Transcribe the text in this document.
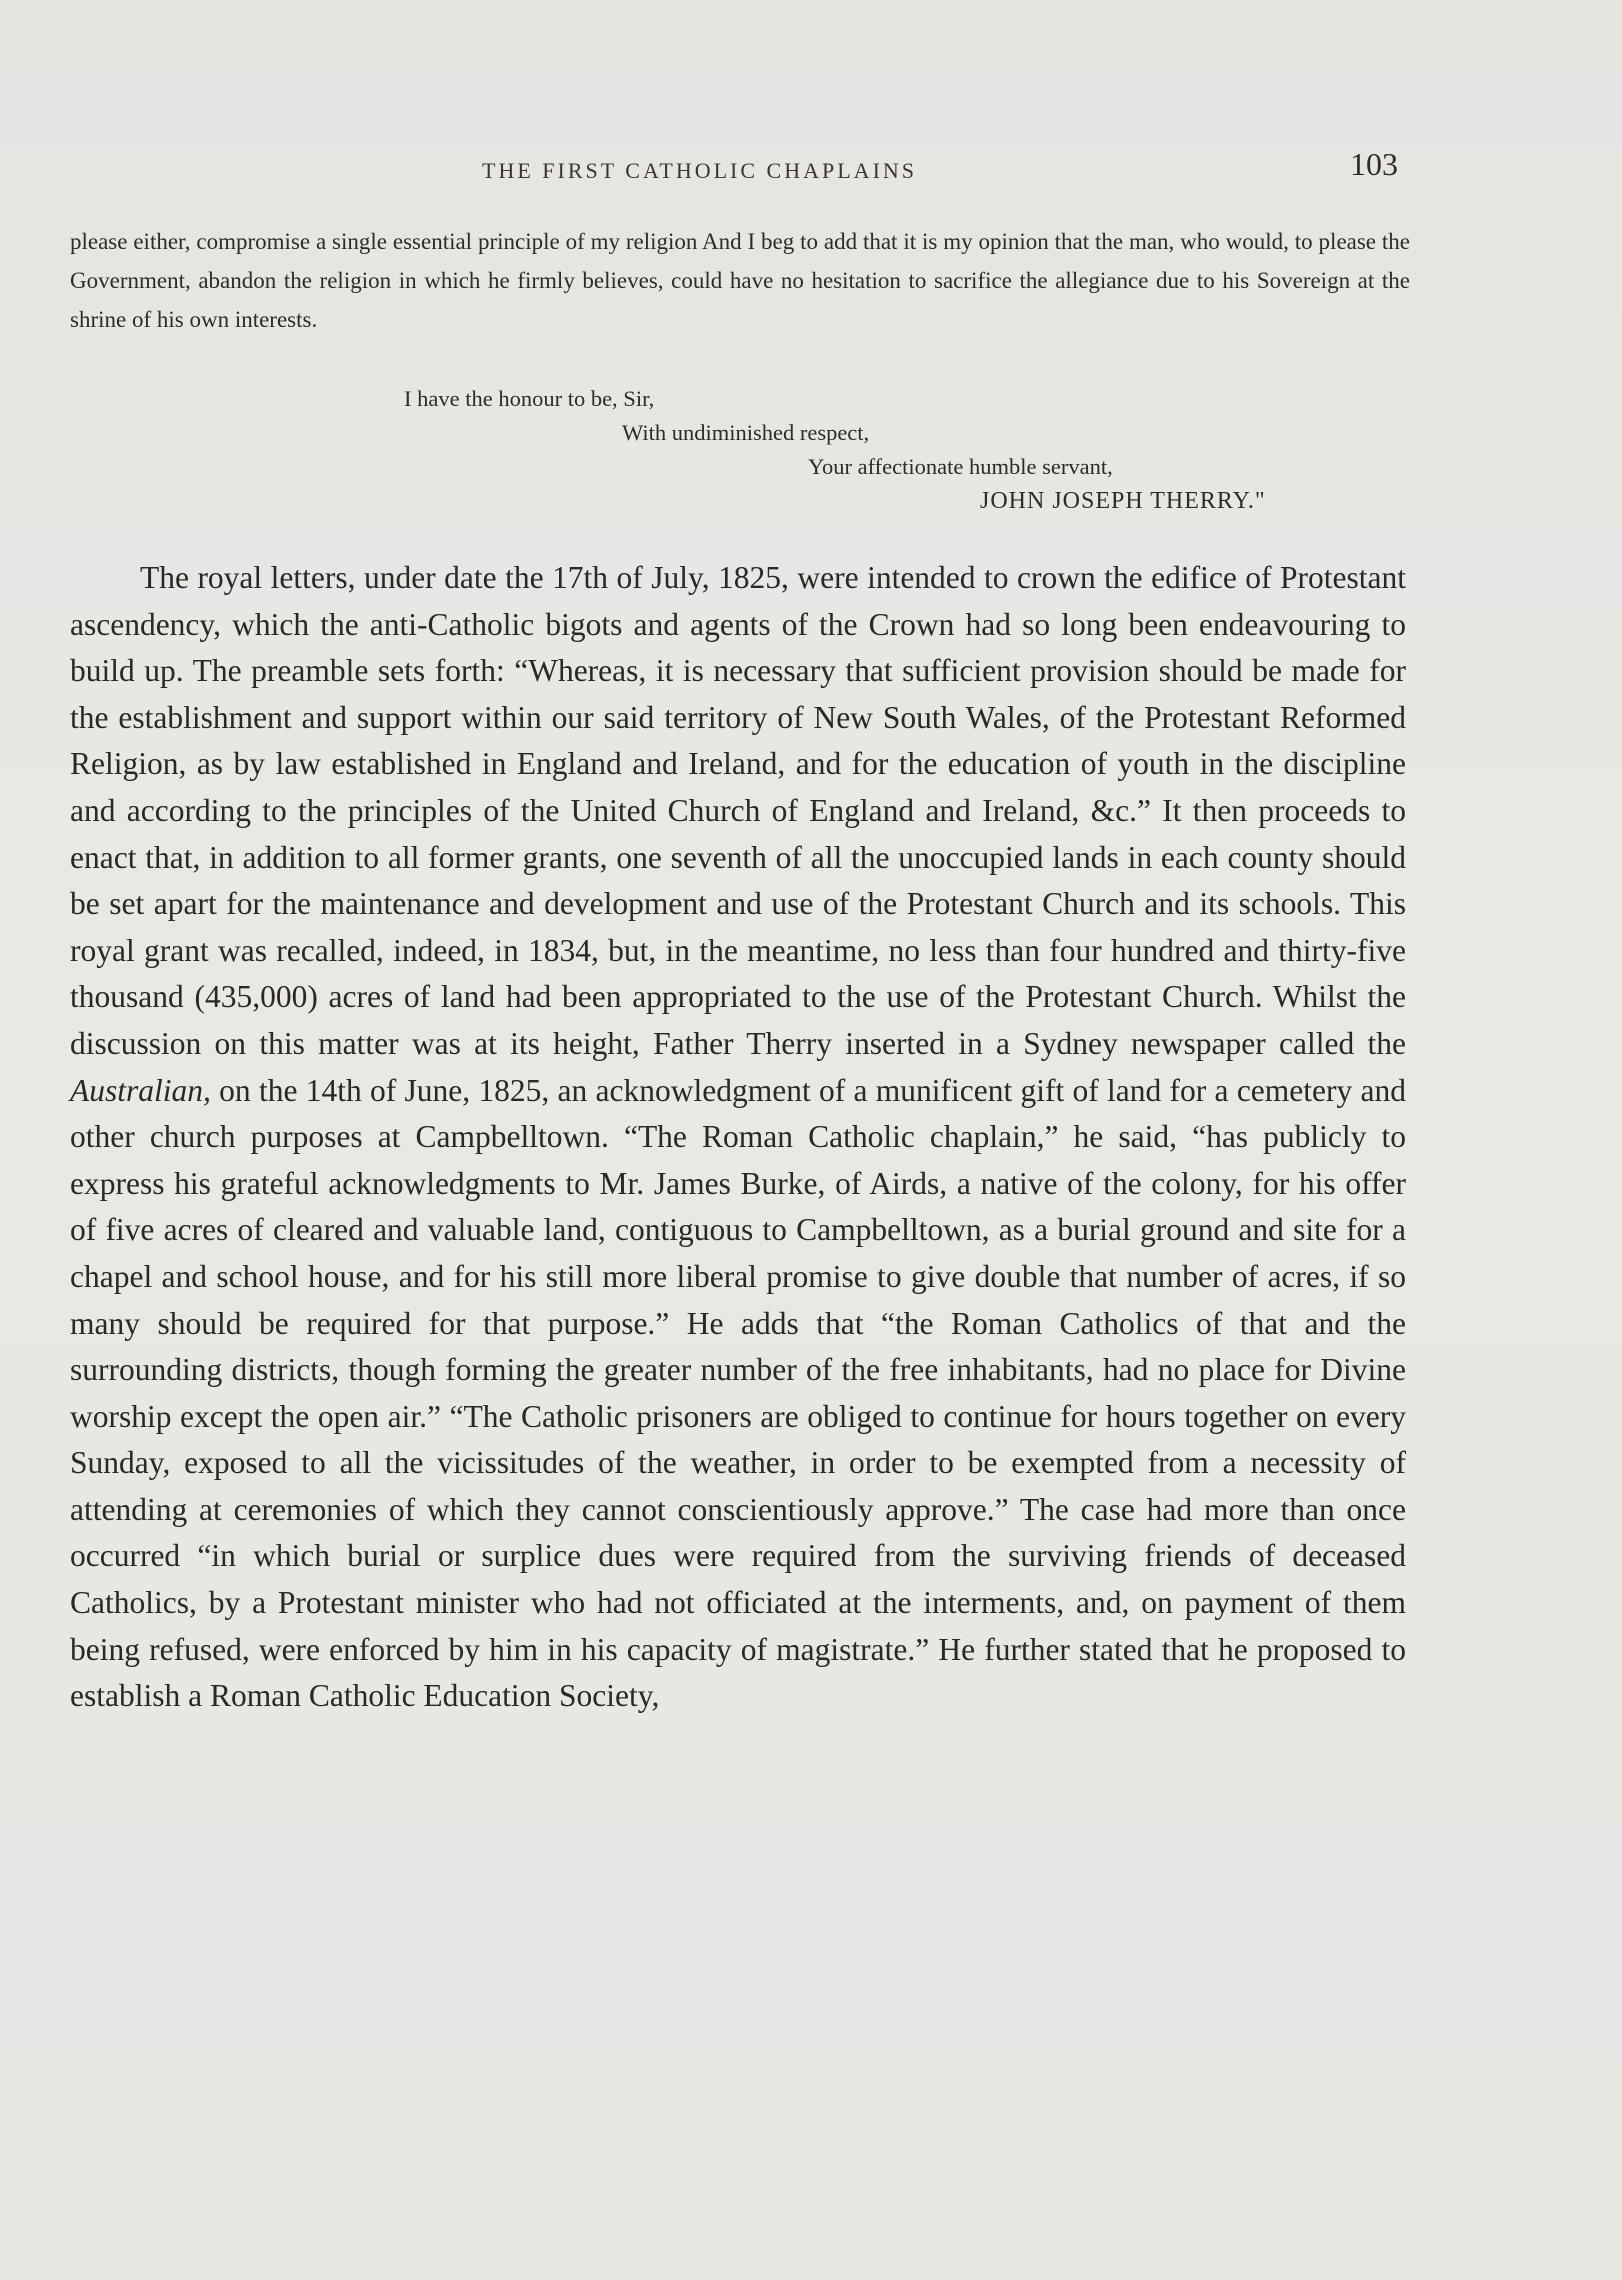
THE FIRST CATHOLIC CHAPLAINS	103
please either, compromise a single essential principle of my religion And I beg to add that it is my opinion that the man, who would, to please the Government, abandon the religion in which he firmly believes, could have no hesitation to sacrifice the allegiance due to his Sovereign at the shrine of his own interests.
I have the honour to be, Sir,
With undiminished respect,
Your affectionate humble servant,
JOHN JOSEPH THERRY."
The royal letters, under date the 17th of July, 1825, were intended to crown the edifice of Protestant ascendency, which the anti-Catholic bigots and agents of the Crown had so long been endeavouring to build up. The preamble sets forth: “Whereas, it is necessary that sufficient provision should be made for the establishment and support within our said territory of New South Wales, of the Protestant Reformed Religion, as by law established in England and Ireland, and for the education of youth in the discipline and according to the principles of the United Church of England and Ireland, &c.” It then proceeds to enact that, in addition to all former grants, one seventh of all the unoccupied lands in each county should be set apart for the maintenance and development and use of the Protestant Church and its schools. This royal grant was recalled, indeed, in 1834, but, in the meantime, no less than four hundred and thirty-five thousand (435,000) acres of land had been appropriated to the use of the Protestant Church. Whilst the discussion on this matter was at its height, Father Therry inserted in a Sydney newspaper called the Australian, on the 14th of June, 1825, an acknowledgment of a munificent gift of land for a cemetery and other church purposes at Campbelltown. “The Roman Catholic chaplain,” he said, “has publicly to express his grateful acknowledgments to Mr. James Burke, of Airds, a native of the colony, for his offer of five acres of cleared and valuable land, contiguous to Campbelltown, as a burial ground and site for a chapel and school house, and for his still more liberal promise to give double that number of acres, if so many should be required for that purpose.” He adds that “the Roman Catholics of that and the surrounding districts, though forming the greater number of the free inhabitants, had no place for Divine worship except the open air.” “The Catholic prisoners are obliged to continue for hours together on every Sunday, exposed to all the vicissitudes of the weather, in order to be exempted from a necessity of attending at ceremonies of which they cannot conscientiously approve.” The case had more than once occurred “in which burial or surplice dues were required from the surviving friends of deceased Catholics, by a Protestant minister who had not officiated at the interments, and, on payment of them being refused, were enforced by him in his capacity of magistrate.” He further stated that he proposed to establish a Roman Catholic Education Society,
